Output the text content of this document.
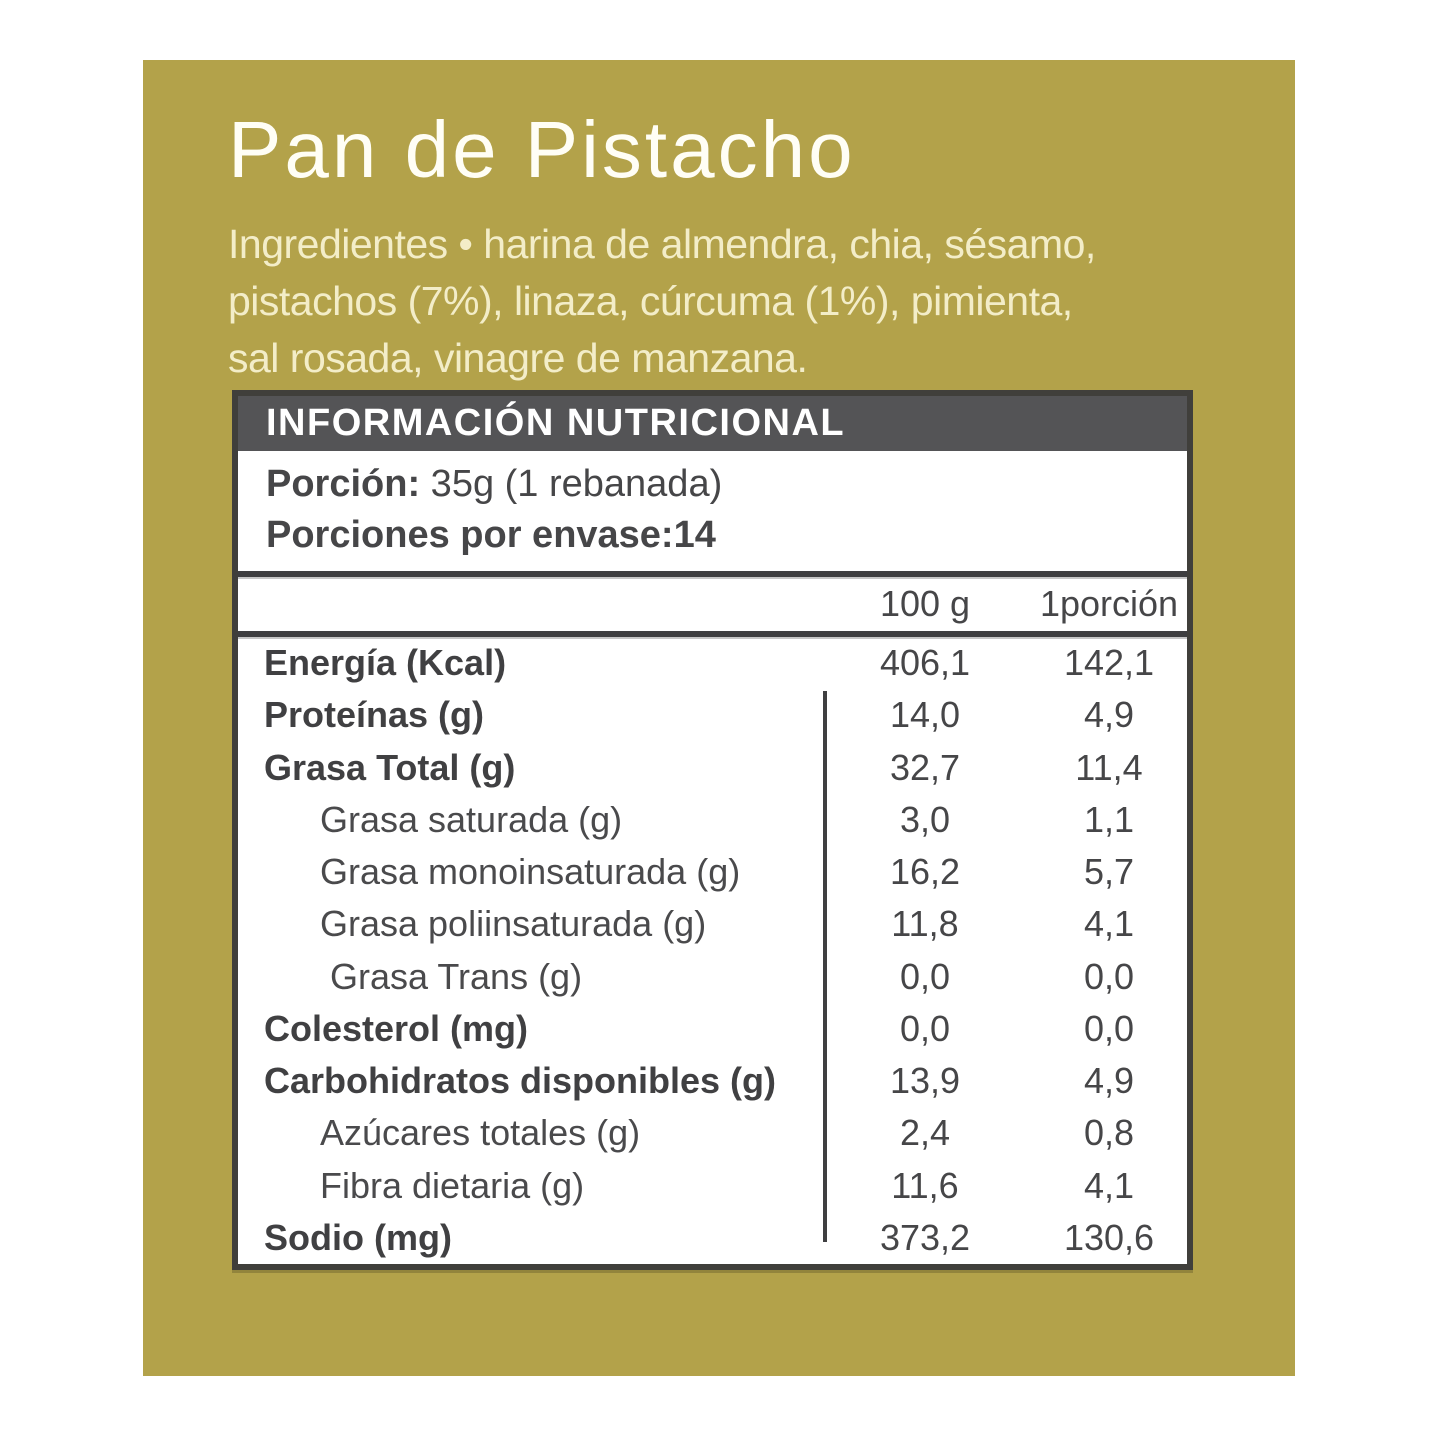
Pan de Pistacho
Ingredientes • harina de almendra, chia, sésamo,
pistachos (7%), linaza, cúrcuma (1%), pimienta,
sal rosada, vinagre de manzana.
INFORMACIÓN NUTRICIONAL
Porción: 35g (1 rebanada)
Porciones por envase:14
100 g	1porción
Energía (Kcal)	406,1	142,1
Proteínas (g)	14,0	4,9
Grasa Total (g)	32,7	11,4
Grasa saturada (g)	3,0	1,1
Grasa monoinsaturada (g)	16,2	5,7
Grasa poliinsaturada (g)	11,8	4,1
Grasa Trans (g)	0,0	0,0
Colesterol (mg)	0,0	0,0
Carbohidratos disponibles (g)	13,9	4,9
Azúcares totales (g)	2,4	0,8
Fibra dietaria (g)	11,6	4,1
Sodio (mg)	373,2	130,6
